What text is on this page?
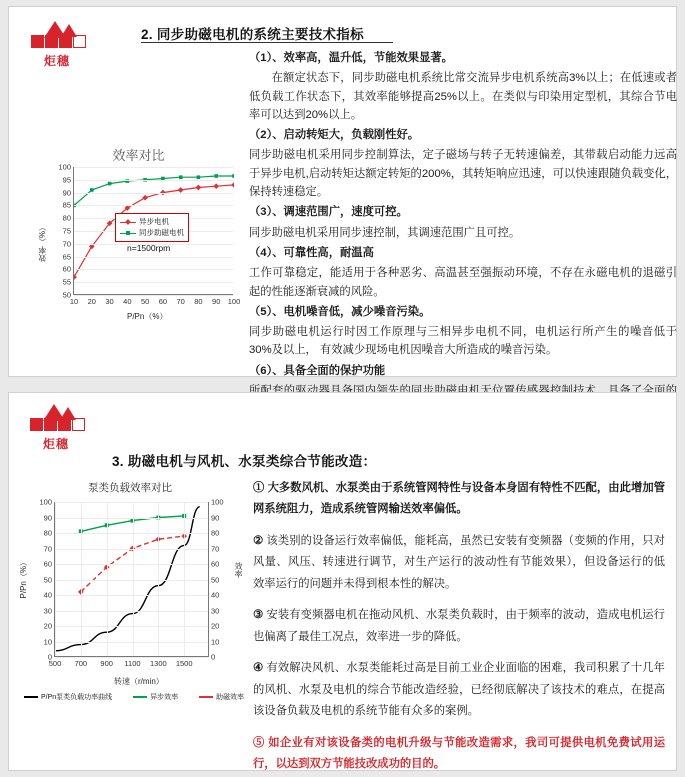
炬穗
2. 同步助磁电机的系统主要技术指标

（1）、效率高，温升低，节能效果显著。

在额定状态下，同步助磁电机系统比常交流异步电机系统高3%以上；在低速或者低负载工作状态下，其效率能够提高25%以上。在类似与印染用定型机，其综合节电率可以达到20%以上。

（2）、启动转矩大，负载刚性好。

同步助磁电机采用同步控制算法，定子磁场与转子无转速偏差，其带载启动能力远高于异步电机,启动转矩达额定转矩的200%，其转矩响应迅速，可以快速跟随负载变化，保持转速稳定。

（3）、调速范围广，速度可控。

同步助磁电机采用同步速控制，其调速范围广且可控。

（4）、可靠性高，耐温高

工作可靠稳定，能适用于各种恶劣、高温甚至强振动环境，不存在永磁电机的退磁引起的性能逐渐衰减的风险。

（5）、电机噪音低，减少噪音污染。

同步助磁电机运行时因工作原理与三相异步电机不同，电机运行所产生的噪音低于30%及以上， 有效减少现场电机因噪音大所造成的噪音污染。

（6）、具备全面的保护功能

效率对比
50
55
60
65
70
75
80
85
90
95
100
10 20 30 40 50 60 70 80 90 100
效率（%）
P/Pn（%）
n=1500rpm
异步电机
同步助磁电机
炬穗
3. 助磁电机与风机、水泵类综合节能改造：
① 大多数风机、水泵类由于系统管网特性与设备本身固有特性不匹配，由此增加管网系统阻力，造成系统管网输送效率偏低。
② 该类别的设备运行效率偏低，能耗高，虽然已安装有变频器（变频的作用，只对风量、风压、转速进行调节，对生产运行的波动性有节能效果），但设备运行的低效率运行的问题并未得到根本性的解决。
③ 安装有变频器电机在拖动风机、水泵类负载时，由于频率的波动，造成电机运行也偏离了最佳工况点，效率进一步的降低。
④ 有效解决风机、水泵类能耗过高是目前工业企业面临的困难，我司积累了十几年的风机、水泵及电机的综合节能改造经验，已经彻底解决了该技术的难点，在提高该设备负载及电机的系统节能有众多的案例。
⑤ 如企业有对该设备类的电机升级与节能改造需求，我司可提供电机免费试用运行，以达到双方节能技改成功的目的。
泵类负载效率对比
0	0
10	10
20	20
30	30
40	40
50	50
60	60
70	70
80	80
90	90
100	100
500 700 900 1100 1300 1500
P/Pn（%）	效率
转速（r/min）
P/Pn泵类负载功率曲线	异步效率	助磁效率
